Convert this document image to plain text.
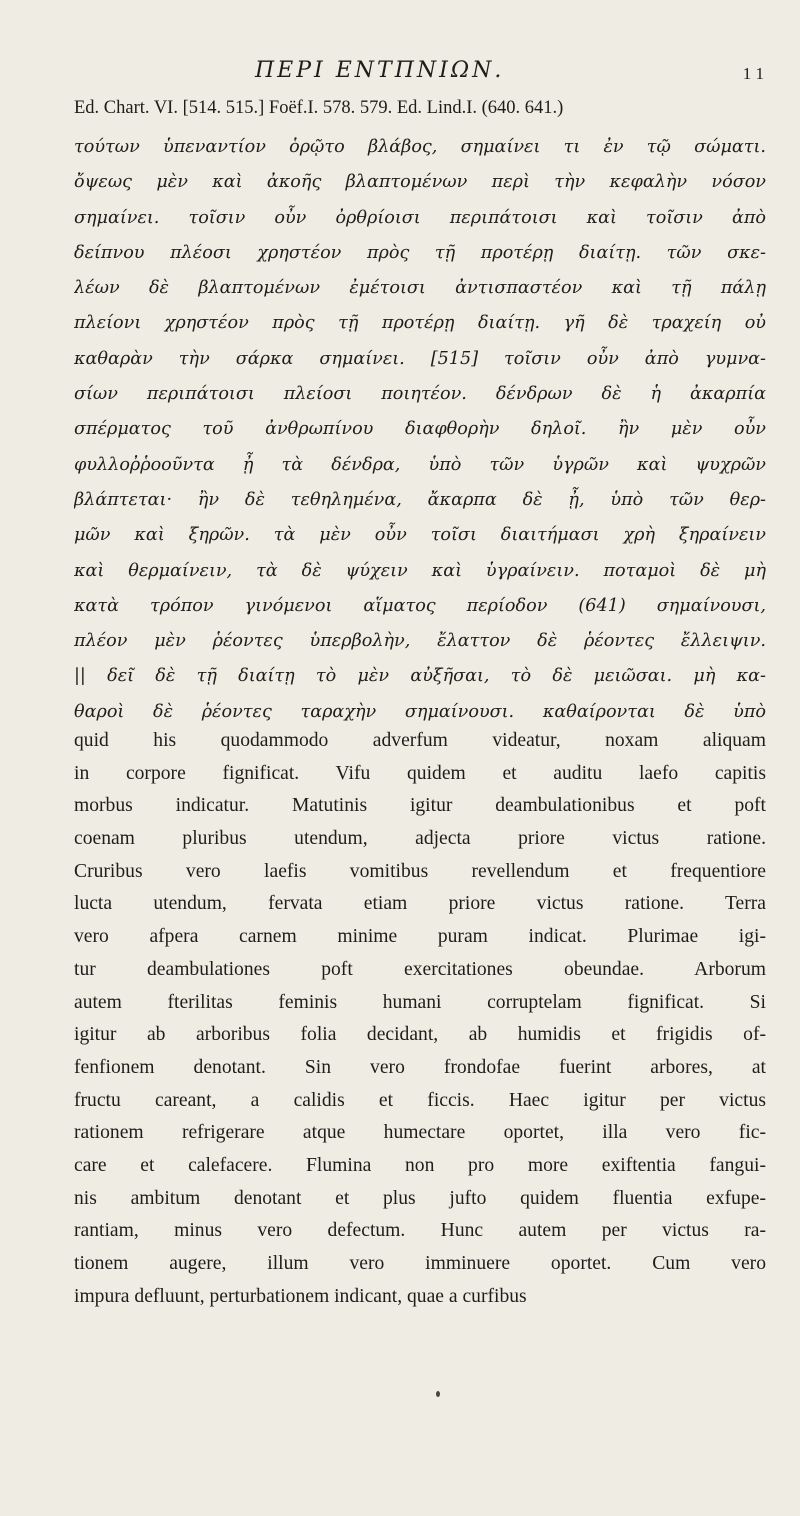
ΠΕΡΙ ΕΝΤΠΝΙΩΝ.	1 1
Ed. Chart. VI. [514. 515.] Foëf.I. 578. 579. Ed. Lind.I. (640. 641.)
τούτων ὑπεναντίον ὁρῷτο βλάβος, σημαίνει τι ἐν τῷ σώματι.
ὄψεως μὲν καὶ ἀκοῆς βλαπτομένων περὶ τὴν κεφαλὴν νόσον
σημαίνει. τοῖσιν οὖν ὀρθρίοισι περιπάτοισι καὶ τοῖσιν ἀπὸ
δείπνου πλέοσι χρηστέον πρὸς τῇ προτέρῃ διαίτῃ. τῶν σκε-
λέων δὲ βλαπτομένων ἐμέτοισι ἀντισπαστέον καὶ τῇ πάλῃ
πλείονι χρηστέον πρὸς τῇ προτέρῃ διαίτῃ. γῆ δὲ τραχείη οὐ
καθαρὰν τὴν σάρκα σημαίνει. [515] τοῖσιν οὖν ἀπὸ γυμνα-
σίων περιπάτοισι πλείοσι ποιητέον. δένδρων δὲ ἡ ἀκαρπία
σπέρματος τοῦ ἀνθρωπίνου διαφθορὴν δηλοῖ. ἢν μὲν οὖν
φυλλοῤῥοοῦντα ᾖ τὰ δένδρα, ὑπὸ τῶν ὑγρῶν καὶ ψυχρῶν
βλάπτεται· ἢν δὲ τεθηλημένα, ἄκαρπα δὲ ᾖ, ὑπὸ τῶν θερ-
μῶν καὶ ξηρῶν. τὰ μὲν οὖν τοῖσι διαιτήμασι χρὴ ξηραίνειν
καὶ θερμαίνειν, τὰ δὲ ψύχειν καὶ ὑγραίνειν. ποταμοὶ δὲ μὴ
κατὰ τρόπον γινόμενοι αἵματος περίοδον (641) σημαίνουσι,
πλέον μὲν ῥέοντες ὑπερβολὴν, ἔλαττον δὲ ῥέοντες ἔλλειψιν.
|| δεῖ δὲ τῇ διαίτῃ τὸ μὲν αὐξῆσαι, τὸ δὲ μειῶσαι. μὴ κα-
θαροὶ δὲ ῥέοντες ταραχὴν σημαίνουσι. καθαίρονται δὲ ὑπὸ
quid his quodammodo adverfum videatur, noxam aliquam
in corpore fignificat. Vifu quidem et auditu laefo capitis
morbus indicatur. Matutinis igitur deambulationibus et poft
coenam pluribus utendum, adjecta priore victus ratione.
Cruribus vero laefis vomitibus revellendum et frequentiore
lucta utendum, fervata etiam priore victus ratione. Terra
vero afpera carnem minime puram indicat. Plurimae igi-
tur deambulationes poft exercitationes obeundae. Arborum
autem fterilitas feminis humani corruptelam fignificat. Si
igitur ab arboribus folia decidant, ab humidis et frigidis of-
fenfionem denotant. Sin vero frondofae fuerint arbores, at
fructu careant, a calidis et ficcis. Haec igitur per victus
rationem refrigerare atque humectare oportet, illa vero fic-
care et calefacere. Flumina non pro more exiftentia fangui-
nis ambitum denotant et plus jufto quidem fluentia exfupe-
rantiam, minus vero defectum. Hunc autem per victus ra-
tionem augere, illum vero imminuere oportet. Cum vero
impura defluunt, perturbationem indicant, quae a curfibus
